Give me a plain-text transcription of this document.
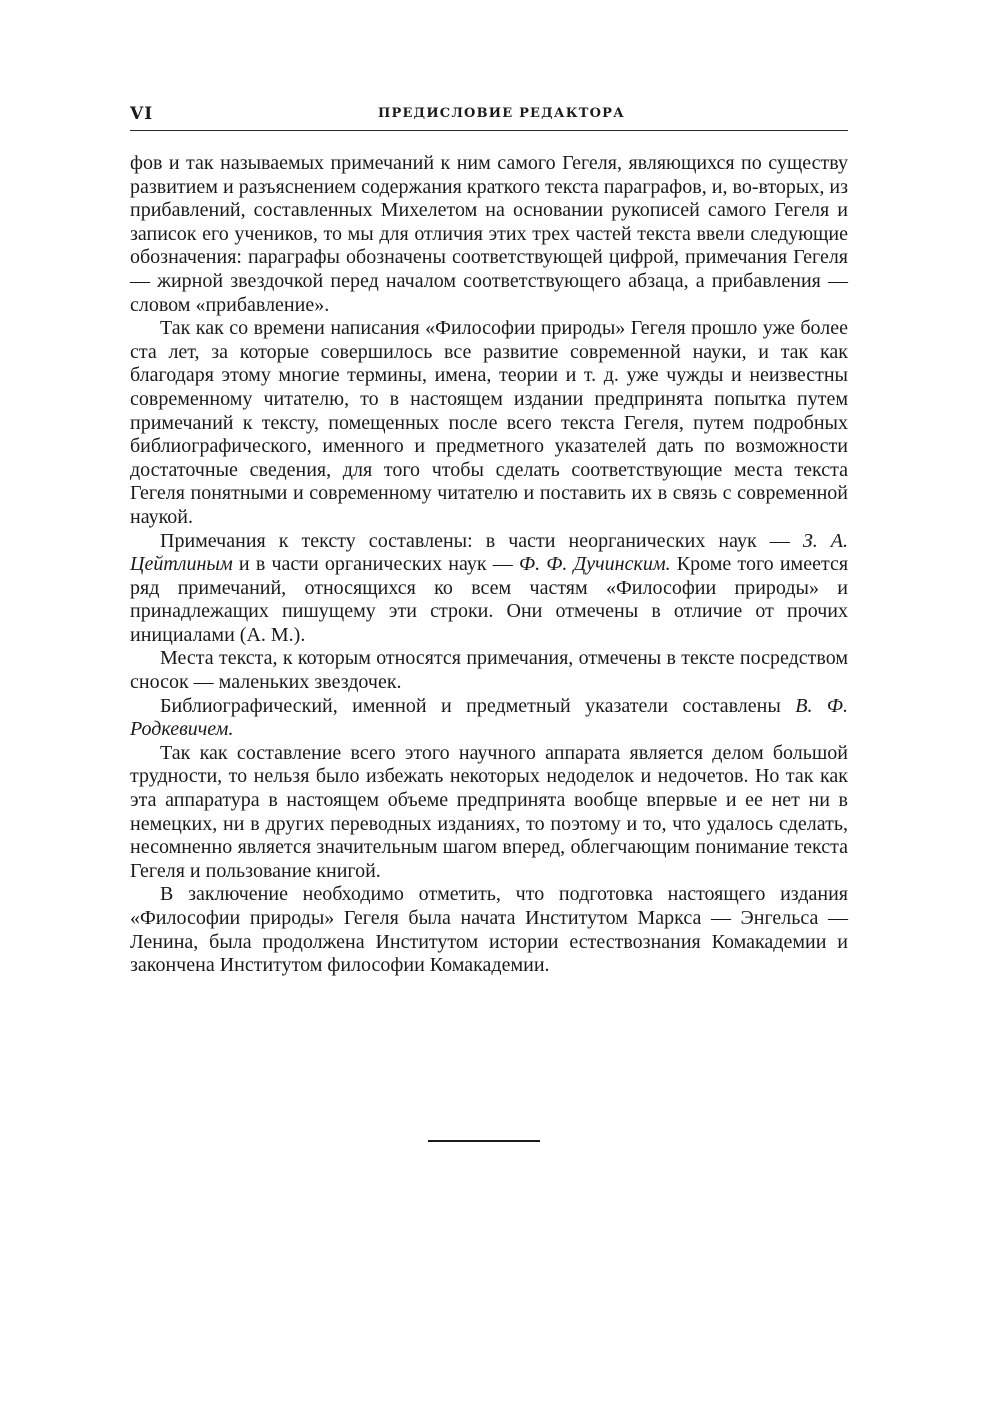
VI	ПРЕДИСЛОВИЕ РЕДАКТОРА

фов и так называемых примечаний к ним самого Гегеля, являющихся по существу развитием и разъяснением содержания краткого текста параграфов, и, во-вторых, из прибавлений, составленных Михелетом на основании рукописей самого Гегеля и записок его учеников, то мы для отличия этих трех частей текста ввели следующие обозначения: параграфы обозначены соответствующей цифрой, примечания Гегеля — жирной звездочкой перед началом соответствующего абзаца, а прибавления — словом «прибавление».

Так как со времени написания «Философии природы» Гегеля прошло уже более ста лет, за которые совершилось все развитие современной науки, и так как благодаря этому многие термины, имена, теории и т. д. уже чужды и неизвестны современному читателю, то в настоящем издании предпринята попытка путем примечаний к тексту, помещенных после всего текста Гегеля, путем подробных библиографического, именного и предметного указателей дать по возможности достаточные сведения, для того чтобы сделать соответствующие места текста Гегеля понятными и современному читателю и поставить их в связь с современной наукой.

Примечания к тексту составлены: в части неорганических наук — З. А. Цейтлиным и в части органических наук — Ф. Ф. Дучинским. Кроме того имеется ряд примечаний, относящихся ко всем частям «Философии природы» и принадлежащих пишущему эти строки. Они отмечены в отличие от прочих инициалами (А. М.).

Места текста, к которым относятся примечания, отмечены в тексте посредством сносок — маленьких звездочек.

Библиографический, именной и предметный указатели составлены В. Ф. Родкевичем.

Так как составление всего этого научного аппарата является делом большой трудности, то нельзя было избежать некоторых недоделок и недочетов. Но так как эта аппаратура в настоящем объеме предпринята вообще впервые и ее нет ни в немецких, ни в других переводных изданиях, то поэтому и то, что удалось сделать, несомненно является значительным шагом вперед, облегчающим понимание текста Гегеля и пользование книгой.

В заключение необходимо отметить, что подготовка настоящего издания «Философии природы» Гегеля была начата Институтом Маркса — Энгельса — Ленина, была продолжена Институтом истории естествознания Комакадемии и закончена Институтом философии Комакадемии.
